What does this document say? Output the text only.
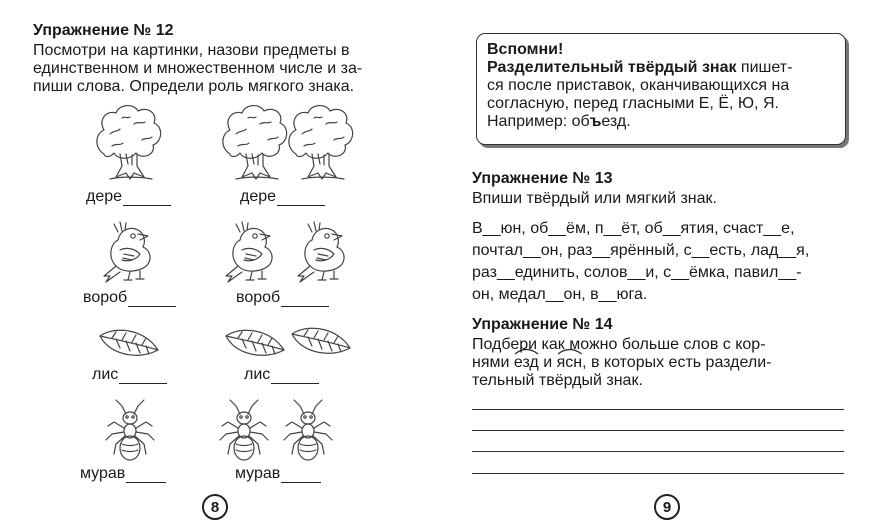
Упражнение № 12
Посмотри на картинки, назови предметы в
единственном и множественном числе и за-
пиши слова. Определи роль мягкого знака.
дере	дере
вороб	вороб
лис	лис
мурав	мурав
8
Вспомни!
Разделительный твёрдый знак пишет-
ся после приставок, оканчивающихся на
согласную, перед гласными Е, Ё, Ю, Я.
Например: объезд.
Упражнение № 13
Впиши твёрдый или мягкий знак.
В__юн, об__ём, п__ёт, об__ятия, счаст__е,
почтал__он, раз__ярённый, с__есть, лад__я,
раз__единить, солов__и, с__ёмка, павил__-
он, медал__он, в__юга.
Упражнение № 14
Подбери как можно больше слов с кор-
нями
езд и
ясн, в которых есть раздели-
тельный твёрдый знак.
9
